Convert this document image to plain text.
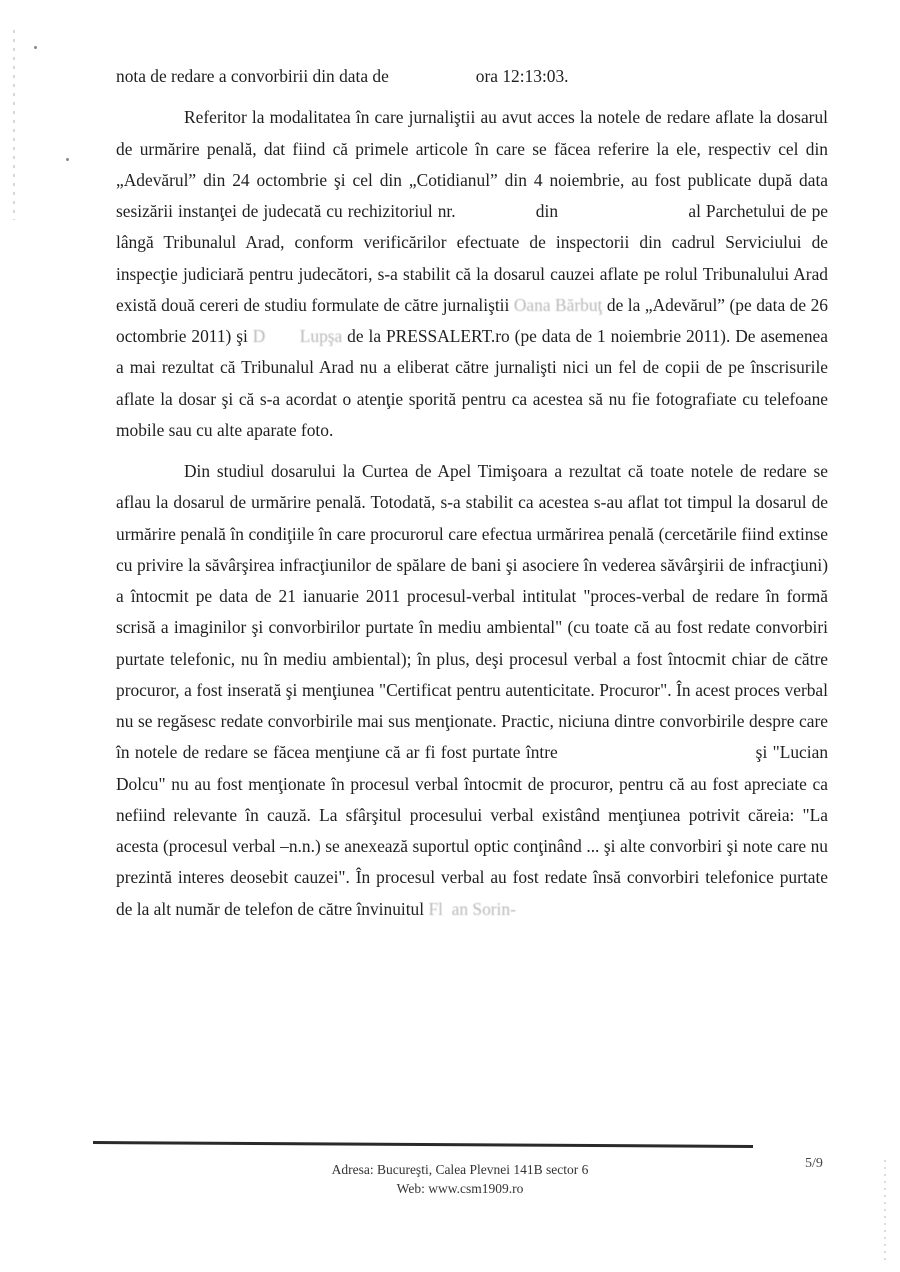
nota de redare a convorbirii din data de	ora 12:13:03.

Referitor la modalitatea în care jurnaliştii au avut acces la notele de redare aflate la dosarul de urmărire penală, dat fiind că primele articole în care se făcea referire la ele, respectiv cel din „Adevărul” din 24 octombrie şi cel din „Cotidianul” din 4 noiembrie, au fost publicate după data sesizării instanţei de judecată cu rechizitoriul nr.	din	al Parchetului de pe lângă Tribunalul Arad, conform verificărilor efectuate de inspectorii din cadrul Serviciului de inspecţie judiciară pentru judecători, s-a stabilit că la dosarul cauzei aflate pe rolul Tribunalului Arad există două cereri de studiu formulate de către jurnaliştii Oana Bărbuţ de la „Adevărul” (pe data de 26 octombrie 2011) şi D       Lupşa de la PRESSALERT.ro (pe data de 1 noiembrie 2011). De asemenea a mai rezultat că Tribunalul Arad nu a eliberat către jurnalişti nici un fel de copii de pe înscrisurile aflate la dosar şi că s-a acordat o atenţie sporită pentru ca acestea să nu fie fotografiate cu telefoane mobile sau cu alte aparate foto.

Din studiul dosarului la Curtea de Apel Timişoara a rezultat că toate notele de redare se aflau la dosarul de urmărire penală. Totodată, s-a stabilit ca acestea s-au aflat tot timpul la dosarul de urmărire penală în condiţiile în care procurorul care efectua urmărirea penală (cercetările fiind extinse cu privire la săvârşirea infracţiunilor de spălare de bani şi asociere în vederea săvârşirii de infracţiuni) a întocmit pe data de 21 ianuarie 2011 procesul-verbal intitulat "proces-verbal de redare în formă scrisă a imaginilor şi convorbirilor purtate în mediu ambiental" (cu toate că au fost redate convorbiri purtate telefonic, nu în mediu ambiental); în plus, deşi procesul verbal a fost întocmit chiar de către procuror, a fost inserată şi menţiunea "Certificat pentru autenticitate. Procuror". În acest proces verbal nu se regăsesc redate convorbirile mai sus menţionate. Practic, niciuna dintre convorbirile despre care în notele de redare se făcea menţiune că ar fi fost purtate între	şi "Lucian Dolcu" nu au fost menţionate în procesul verbal întocmit de procuror, pentru că au fost apreciate ca nefiind relevante în cauză. La sfârşitul procesului verbal existând menţiunea potrivit căreia: "La acesta (procesul verbal –n.n.) se anexează suportul optic conţinând ... şi alte convorbiri şi note care nu prezintă interes deosebit cauzei". În procesul verbal au fost redate însă convorbiri telefonice purtate de la alt număr de telefon de către învinuitul Fl  an Sorin-

Adresa: Bucureşti, Calea Plevnei 141B sector 6
Web: www.csm1909.ro
5/9
